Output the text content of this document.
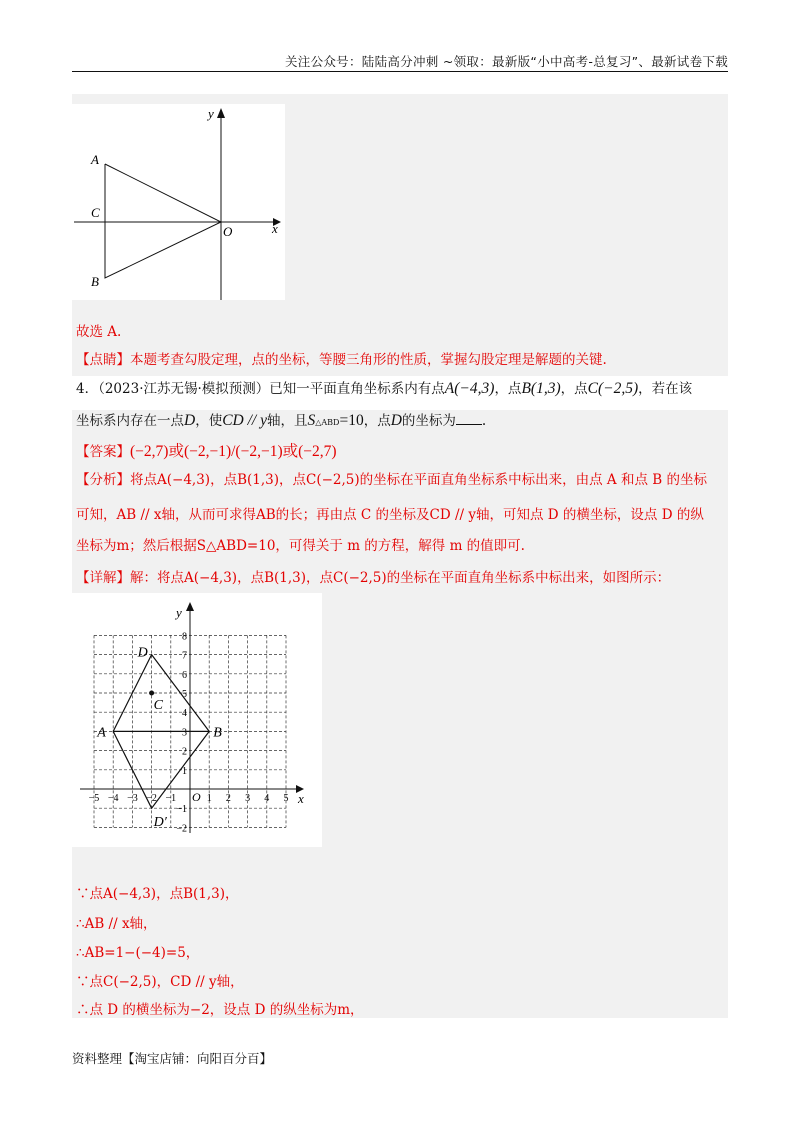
关注公众号：陆陆高分冲刺 ~领取：最新版“小中高考-总复习”、最新试卷下载
y
x
A
C
B
O
故选 A.
【点睛】本题考查勾股定理，点的坐标，等腰三角形的性质，掌握勾股定理是解题的关键.
4．（2023·江苏无锡·模拟预测）已知一平面直角坐标系内有点A(−4,3)，点B(1,3)，点C(−2,5)，若在该
坐标系内存在一点D，使CD // y轴，且S△ABD=10，点D的坐标为 .
【答案】(−2,7)或(−2,−1)/(−2,−1)或(−2,7)
【分析】将点A(−4,3)，点B(1,3)，点C(−2,5)的坐标在平面直角坐标系中标出来，由点 A 和点 B 的坐标
可知，AB // x轴，从而可求得AB的长；再由点 C 的坐标及CD // y轴，可知点 D 的横坐标，设点 D 的纵
坐标为m；然后根据S△ABD=10，可得关于 m 的方程，解得 m 的值即可.
【详解】解：将点A(−4,3)，点B(1,3)，点C(−2,5)的坐标在平面直角坐标系中标出来，如图所示：
−5 −4 −3 −2 −1	1 2 3 4 5
8
7
6
5
4
3
2
1
−1
−2
O	x
y
A	B
C
D
D′
∵点A(−4,3)，点B(1,3)，
∴AB // x轴，
∴AB=1−(−4)=5，
∵点C(−2,5)，CD // y轴，
∴点 D 的横坐标为−2，设点 D 的纵坐标为m，
资料整理【淘宝店铺：向阳百分百】
